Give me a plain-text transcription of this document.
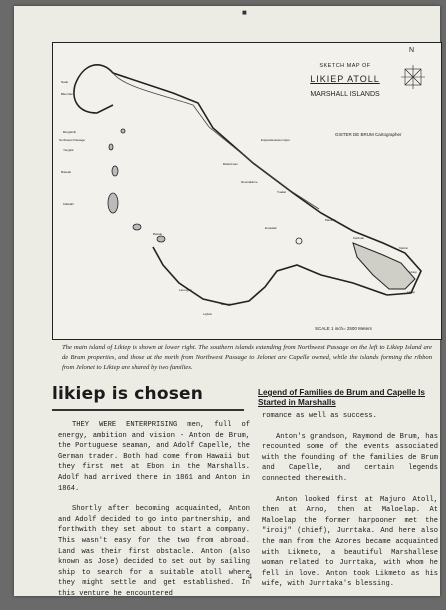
■
Nadu
Bikorrtan
Bengikirik
Northwest Passage
Yangkik
Bokelat
Kabkabi
Enijetokkukulemmijon
Bokkolman
Rooniakilme
Tuakal
Manirok
Kartinan
Emadeik
Tekirai
Likiep
Likrep
Larengeti
Lojbok
Elemgo
Bekalo
N
SKETCH MAP OF
LIKIEP ATOLL
MARSHALL ISLANDS
GISTER DE BRUM Cartographer
SCALE 1 inch= 2500 Meters
The main island of Likiep is shown at lower right. The southern islands extending from Northwest Passage on the left to Likiep Island are de Brum properties, and those at the north from Northwest Passage to Jelonet are Capelle owned, while the islands forming the ribbon from Jelonet to Likiep are shared by two families.
likiep is chosen	Legend of Families de Brum and Capelle Is Started in Marshalls

THEY WERE ENTERPRISING men, full of energy, ambition and vision - Anton de Brum, the Portuguese seaman, and Adolf Capelle, the German trader. Both had come from Hawaii but they first met at Ebon in the Marshalls. Adolf had arrived there in 1861 and Anton in 1864.

Shortly after becoming acquainted, Anton and Adolf decided to go into partnership, and forthwith they set about to start a company. This wasn't easy for the two from abroad. Land was their first obstacle. Anton (also known as Jose) decided to set out by sailing ship to search for a suitable atoll where they might settle and get established. In this venture he encountered

romance as well as success.

Anton's grandson, Raymond de Brum, has recounted some of the events associated with the founding of the families de Brum and Capelle, and certain legends connected therewith.

Anton looked first at Majuro Atoll, then at Arno, then at Maloelap. At Maloelap the former harpooner met the "iroij" (chief), Jurrtaka. And here also the man from the Azores became acquainted with Likmeto, a beautiful Marshallese woman related to Jurrtaka, with whom he fell in love. Anton took Likmeto as his wife, with Jurrtaka's blessing.

4
